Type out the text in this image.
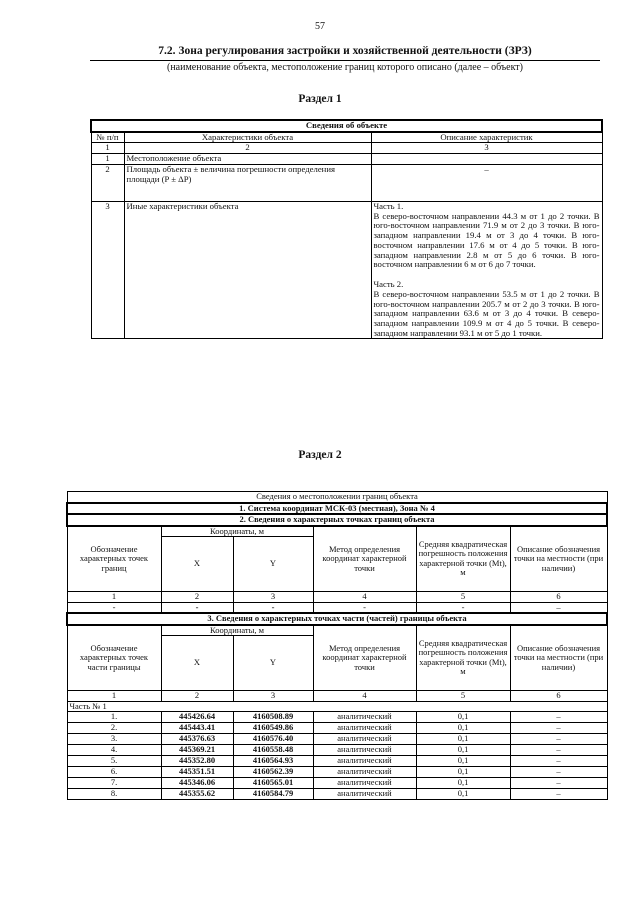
57
7.2. Зона регулирования застройки и хозяйственной деятельности (ЗРЗ)
(наименование объекта, местоположение границ которого описано (далее – объект)
Раздел 1
Сведения об объекте		
№ п/п	Характеристики объекта	Описание характеристик
1	2	3
1	Местоположение объекта	
2	Площадь объекта ± величина погрешности определения площади (P ± ΔP)	–
3	Иные характеристики объекта	Часть 1.
В северо-восточном направлении 44.3 м от 1 до 2 точки. В юго-восточном направлении 71.9 м от 2 до 3 точки. В юго-западном направлении 19.4 м от 3 до 4 точки. В юго-восточном направлении 17.6 м от 4 до 5 точки. В юго-западном направлении 2.8 м от 5 до 6 точки. В юго-восточном направлении 6 м от 6 до 7 точки.
Часть 2.
В северо-восточном направлении 53.5 м от 1 до 2 точки. В юго-восточном направлении 205.7 м от 2 до 3 точки. В юго-западном направлении 63.6 м от 3 до 4 точки. В северо-западном направлении 109.9 м от 4 до 5 точки. В северо-западном направлении 93.1 м от 5 до 1 точки.
Раздел 2
Сведения о местоположении границ объекта					
1. Система координат МСК-03 (местная), Зона № 4					
2. Сведения о характерных точках границ объекта					
Обозначение характерных точек границ	Координаты, м		Метод определения координат характерной точки	Средняя квадратическая погрешность положения характерной точки (Mt), м	Описание обозначения точки на местности (при наличии)
	X	Y			
1	2	3	4	5	6
-	-	-	-	-	–
3. Сведения о характерных точках части (частей) границы объекта					
Обозначение характерных точек части границы	Координаты, м		Метод определения координат характерной точки	Средняя квадратическая погрешность положения характерной точки (Mt), м	Описание обозначения точки на местности (при наличии)
	X	Y			
1	2	3	4	5	6
Часть № 1					
1.	445426.64	4160508.89	аналитический	0,1	–
2.	445443.41	4160549.86	аналитический	0,1	–
3.	445376.63	4160576.40	аналитический	0,1	–
4.	445369.21	4160558.48	аналитический	0,1	–
5.	445352.80	4160564.93	аналитический	0,1	–
6.	445351.51	4160562.39	аналитический	0,1	–
7.	445346.06	4160565.01	аналитический	0,1	–
8.	445355.62	4160584.79	аналитический	0,1	–
